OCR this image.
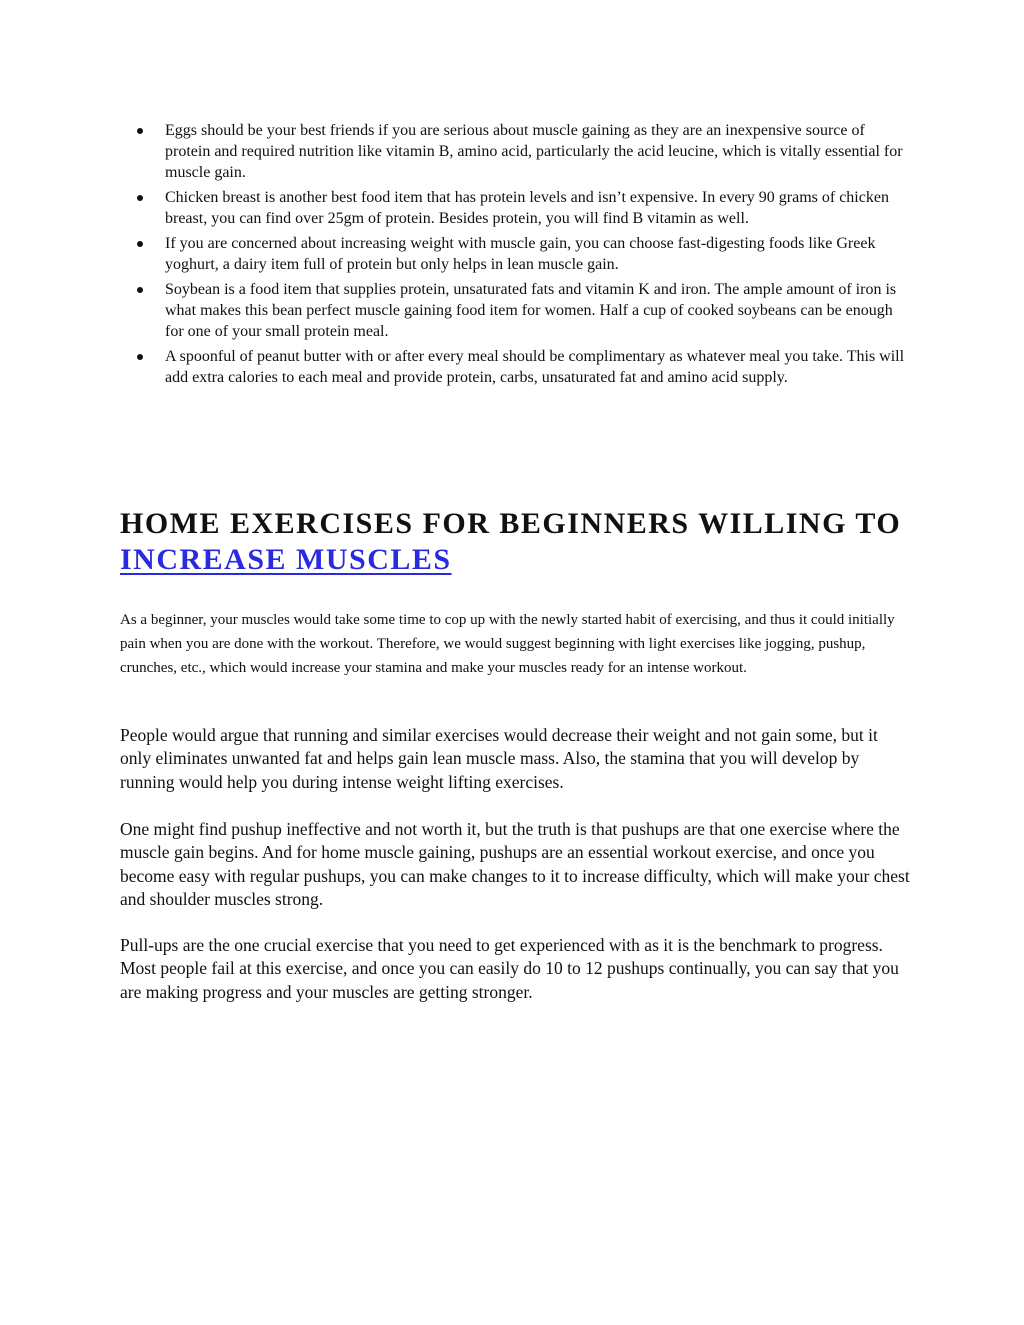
Eggs should be your best friends if you are serious about muscle gaining as they are an inexpensive source of protein and required nutrition like vitamin B, amino acid, particularly the acid leucine, which is vitally essential for muscle gain.
Chicken breast is another best food item that has protein levels and isn’t expensive. In every 90 grams of chicken breast, you can find over 25gm of protein. Besides protein, you will find B vitamin as well.
If you are concerned about increasing weight with muscle gain, you can choose fast-digesting foods like Greek yoghurt, a dairy item full of protein but only helps in lean muscle gain.
Soybean is a food item that supplies protein, unsaturated fats and vitamin K and iron. The ample amount of iron is what makes this bean perfect muscle gaining food item for women. Half a cup of cooked soybeans can be enough for one of your small protein meal.
A spoonful of peanut butter with or after every meal should be complimentary as whatever meal you take. This will add extra calories to each meal and provide protein, carbs, unsaturated fat and amino acid supply.
HOME EXERCISES FOR BEGINNERS WILLING TO INCREASE MUSCLES

As a beginner, your muscles would take some time to cop up with the newly started habit of exercising, and thus it could initially pain when you are done with the workout. Therefore, we would suggest beginning with light exercises like jogging, pushup, crunches, etc., which would increase your stamina and make your muscles ready for an intense workout.

People would argue that running and similar exercises would decrease their weight and not gain some, but it only eliminates unwanted fat and helps gain lean muscle mass. Also, the stamina that you will develop by running would help you during intense weight lifting exercises.

One might find pushup ineffective and not worth it, but the truth is that pushups are that one exercise where the muscle gain begins. And for home muscle gaining, pushups are an essential workout exercise, and once you become easy with regular pushups, you can make changes to it to increase difficulty, which will make your chest and shoulder muscles strong.

Pull-ups are the one crucial exercise that you need to get experienced with as it is the benchmark to progress. Most people fail at this exercise, and once you can easily do 10 to 12 pushups continually, you can say that you are making progress and your muscles are getting stronger.
